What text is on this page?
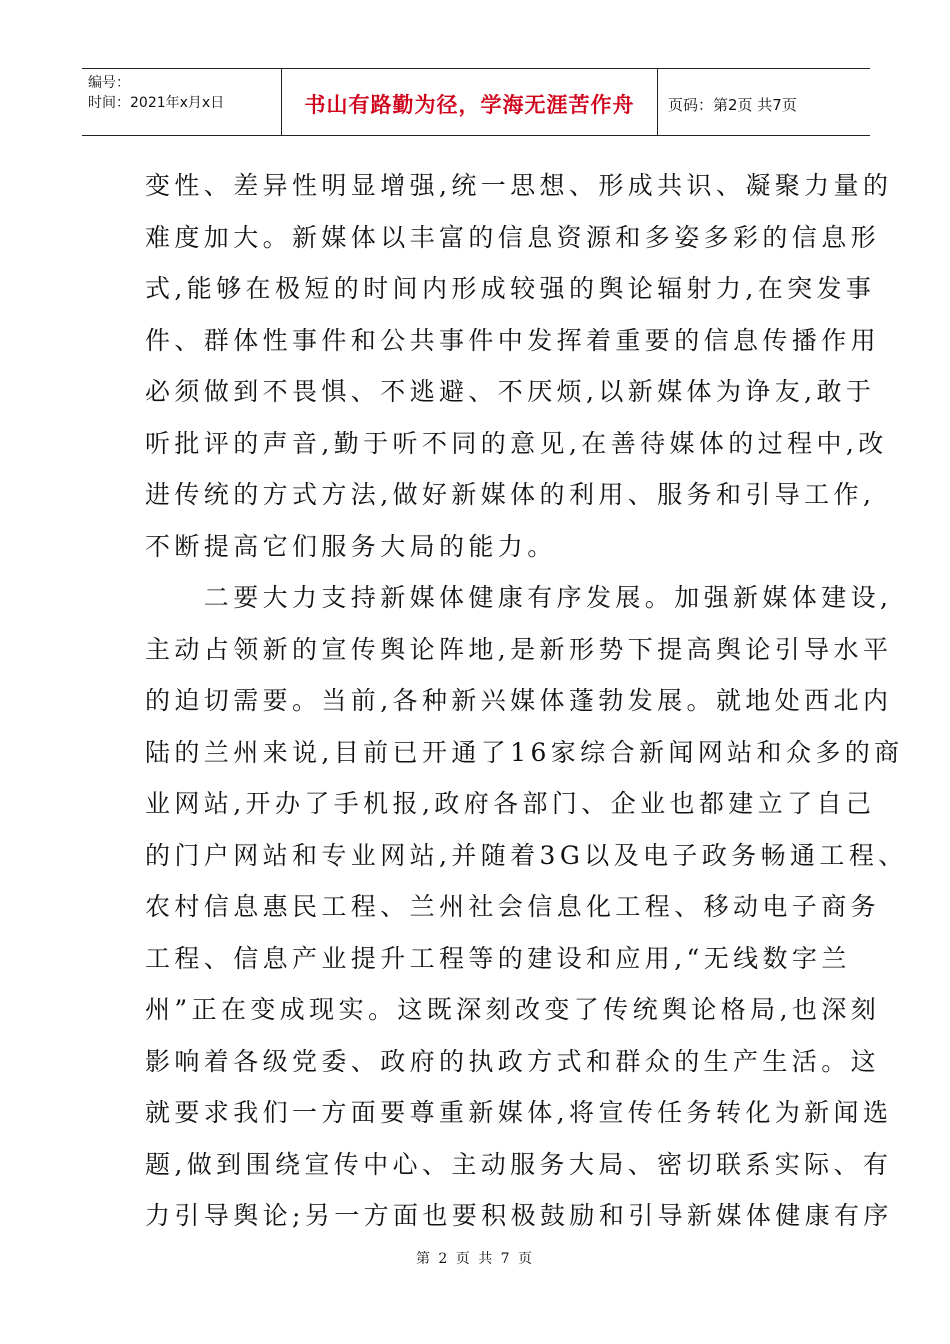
编号：
时间：2021年x月x日	书山有路勤为径，学海无涯苦作舟	页码：第2页 共7页
变性、差异性明显增强,统一思想、形成共识、凝聚力量的
难度加大。新媒体以丰富的信息资源和多姿多彩的信息形
式,能够在极短的时间内形成较强的舆论辐射力,在突发事
件、群体性事件和公共事件中发挥着重要的信息传播作用
必须做到不畏惧、不逃避、不厌烦,以新媒体为诤友,敢于
听批评的声音,勤于听不同的意见,在善待媒体的过程中,改
进传统的方式方法,做好新媒体的利用、服务和引导工作,
不断提高它们服务大局的能力。
　　二要大力支持新媒体健康有序发展。加强新媒体建设,
主动占领新的宣传舆论阵地,是新形势下提高舆论引导水平
的迫切需要。当前,各种新兴媒体蓬勃发展。就地处西北内
陆的兰州来说,目前已开通了16家综合新闻网站和众多的商
业网站,开办了手机报,政府各部门、企业也都建立了自己
的门户网站和专业网站,并随着3G以及电子政务畅通工程、
农村信息惠民工程、兰州社会信息化工程、移动电子商务
工程、信息产业提升工程等的建设和应用,“无线数字兰
州”正在变成现实。这既深刻改变了传统舆论格局,也深刻
影响着各级党委、政府的执政方式和群众的生产生活。这
就要求我们一方面要尊重新媒体,将宣传任务转化为新闻选
题,做到围绕宣传中心、主动服务大局、密切联系实际、有
力引导舆论;另一方面也要积极鼓励和引导新媒体健康有序
第 2 页 共 7 页
